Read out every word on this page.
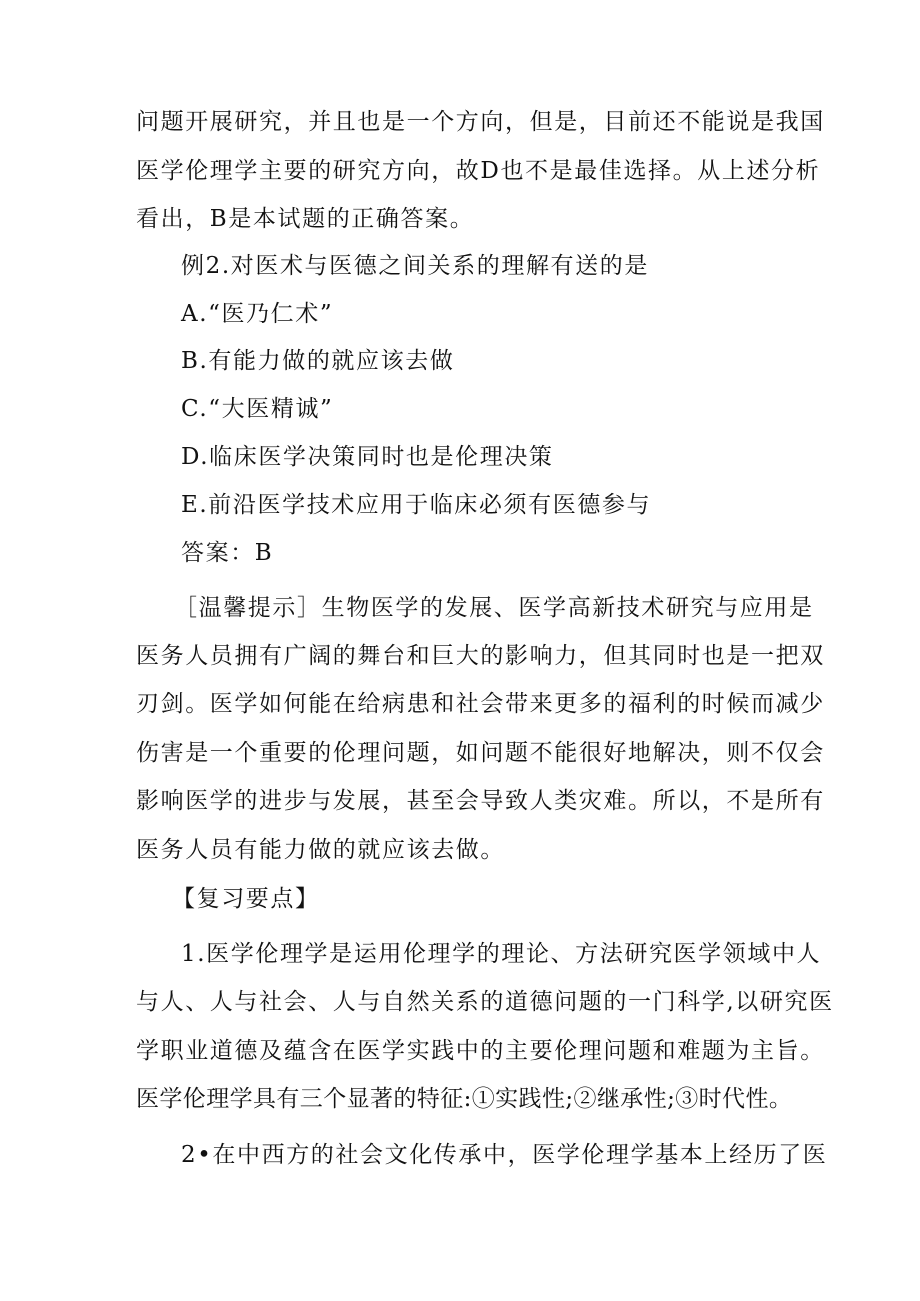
问题开展研究，并且也是一个方向，但是，目前还不能说是我国
医学伦理学主要的研究方向，故D也不是最佳选择。从上述分析
看出，B是本试题的正确答案。
例2.对医术与医德之间关系的理解有送的是
A.“医乃仁术”
B.有能力做的就应该去做
C.“大医精诚”
D.临床医学决策同时也是伦理决策
E.前沿医学技术应用于临床必须有医德参与
答案：B
［温馨提示］生物医学的发展、医学高新技术研究与应用是
医务人员拥有广阔的舞台和巨大的影响力，但其同时也是一把双
刃剑。医学如何能在给病患和社会带来更多的福利的时候而减少
伤害是一个重要的伦理问题，如问题不能很好地解决，则不仅会
影响医学的进步与发展，甚至会导致人类灾难。所以，不是所有
医务人员有能力做的就应该去做。
【复习要点】
1.医学伦理学是运用伦理学的理论、方法研究医学领域中人
与人、人与社会、人与自然关系的道德问题的一门科学,以研究医
学职业道德及蕴含在医学实践中的主要伦理问题和难题为主旨。
医学伦理学具有三个显著的特征:①实践性;②继承性;③时代性。
2•在中西方的社会文化传承中，医学伦理学基本上经历了医
